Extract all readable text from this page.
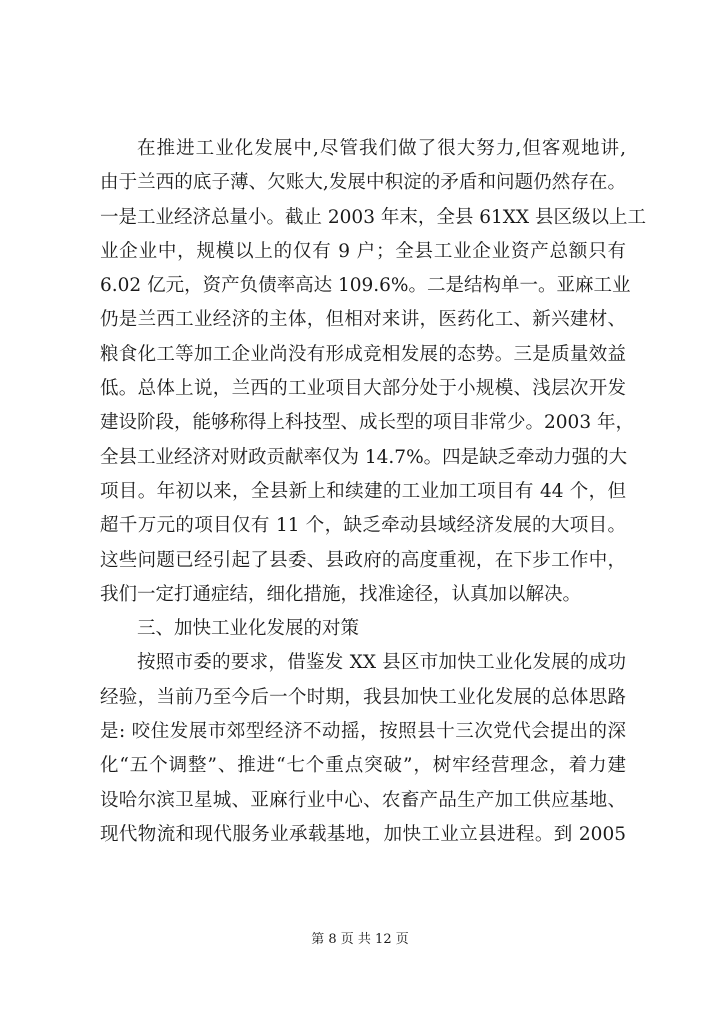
在推进工业化发展中,尽管我们做了很大努力,但客观地讲,
由于兰西的底子薄、欠账大,发展中积淀的矛盾和问题仍然存在。
一是工业经济总量小。截止 2003 年末，全县 61XX 县区级以上工
业企业中，规模以上的仅有 9 户；全县工业企业资产总额只有
6.02 亿元，资产负债率高达 109.6%。二是结构单一。亚麻工业
仍是兰西工业经济的主体，但相对来讲，医药化工、新兴建材、
粮食化工等加工企业尚没有形成竞相发展的态势。三是质量效益
低。总体上说，兰西的工业项目大部分处于小规模、浅层次开发
建设阶段，能够称得上科技型、成长型的项目非常少。2003 年，
全县工业经济对财政贡献率仅为 14.7%。四是缺乏牵动力强的大
项目。年初以来，全县新上和续建的工业加工项目有 44 个，但
超千万元的项目仅有 11 个，缺乏牵动县域经济发展的大项目。
这些问题已经引起了县委、县政府的高度重视，在下步工作中，
我们一定打通症结，细化措施，找准途径，认真加以解决。
三、加快工业化发展的对策
按照市委的要求，借鉴发 XX 县区市加快工业化发展的成功
经验，当前乃至今后一个时期，我县加快工业化发展的总体思路
是: 咬住发展市郊型经济不动摇，按照县十三次党代会提出的深
化“五个调整”、推进“七个重点突破”，树牢经营理念，着力建
设哈尔滨卫星城、亚麻行业中心、农畜产品生产加工供应基地、
现代物流和现代服务业承载基地，加快工业立县进程。到 2005
第 8 页 共 12 页
